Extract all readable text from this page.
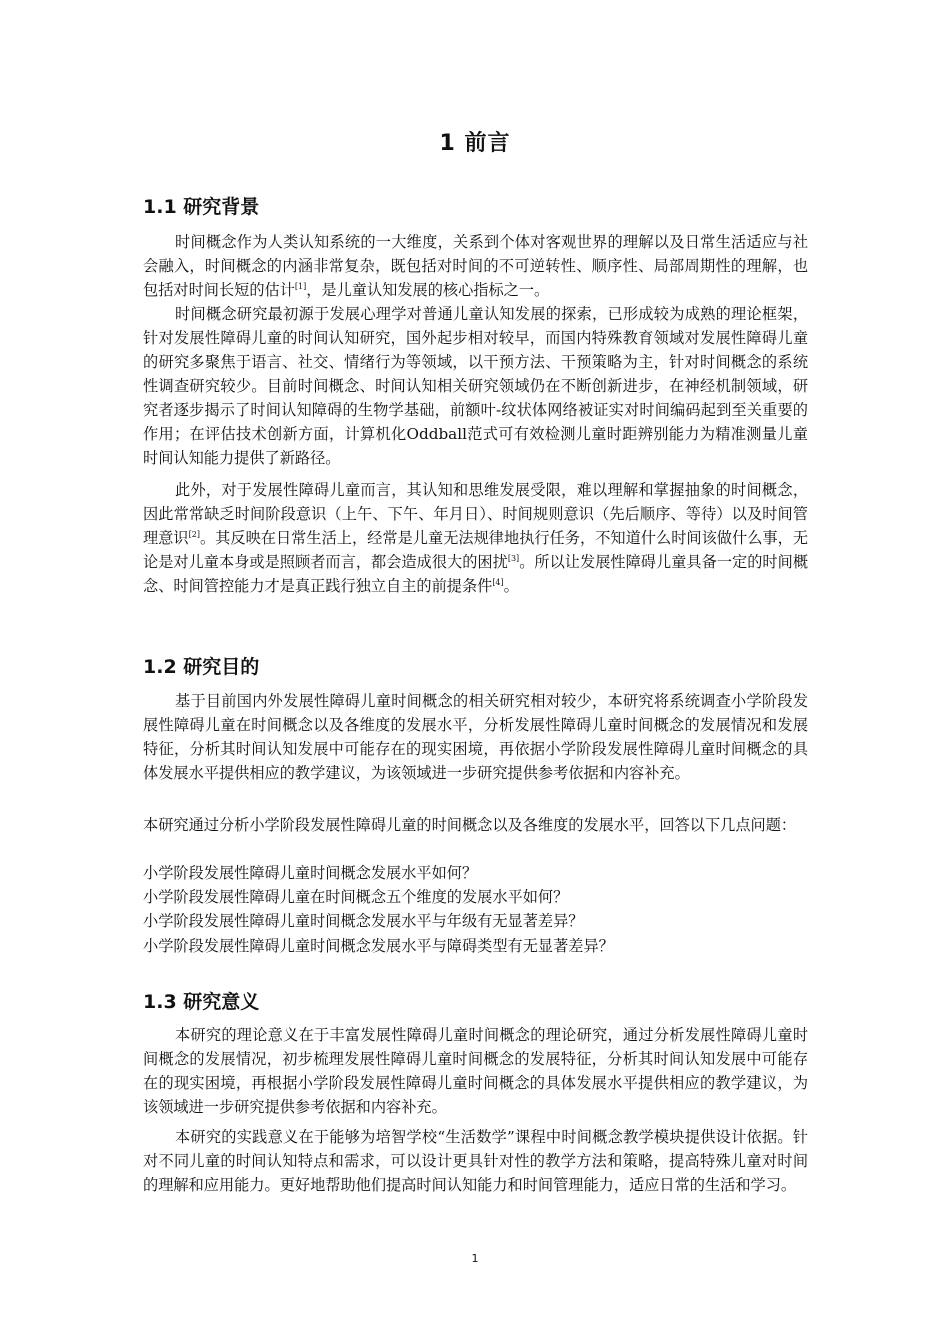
1 前言
1.1 研究背景

时间概念作为人类认知系统的一大维度，关系到个体对客观世界的理解以及日常生活适应与社会融入，时间概念的内涵非常复杂，既包括对时间的不可逆转性、顺序性、局部周期性的理解，也包括对时间长短的估计[1]，是儿童认知发展的核心指标之一。

时间概念研究最初源于发展心理学对普通儿童认知发展的探索，已形成较为成熟的理论框架，针对发展性障碍儿童的时间认知研究，国外起步相对较早，而国内特殊教育领域对发展性障碍儿童的研究多聚焦于语言、社交、情绪行为等领域，以干预方法、干预策略为主，针对时间概念的系统性调查研究较少。目前时间概念、时间认知相关研究领域仍在不断创新进步，在神经机制领域，研究者逐步揭示了时间认知障碍的生物学基础，前额叶-纹状体网络被证实对时间编码起到至关重要的作用；在评估技术创新方面，计算机化Oddball范式可有效检测儿童时距辨别能力为精准测量儿童时间认知能力提供了新路径。

此外，对于发展性障碍儿童而言，其认知和思维发展受限，难以理解和掌握抽象的时间概念，因此常常缺乏时间阶段意识（上午、下午、年月日）、时间规则意识（先后顺序、等待）以及时间管理意识[2]。其反映在日常生活上，经常是儿童无法规律地执行任务，不知道什么时间该做什么事，无论是对儿童本身或是照顾者而言，都会造成很大的困扰[3]。所以让发展性障碍儿童具备一定的时间概念、时间管控能力才是真正践行独立自主的前提条件[4]。

1.2 研究目的

基于目前国内外发展性障碍儿童时间概念的相关研究相对较少，本研究将系统调查小学阶段发展性障碍儿童在时间概念以及各维度的发展水平，分析发展性障碍儿童时间概念的发展情况和发展特征，分析其时间认知发展中可能存在的现实困境，再依据小学阶段发展性障碍儿童时间概念的具体发展水平提供相应的教学建议，为该领域进一步研究提供参考依据和内容补充。

本研究通过分析小学阶段发展性障碍儿童的时间概念以及各维度的发展水平，回答以下几点问题：

小学阶段发展性障碍儿童时间概念发展水平如何？

小学阶段发展性障碍儿童在时间概念五个维度的发展水平如何？

小学阶段发展性障碍儿童时间概念发展水平与年级有无显著差异？

小学阶段发展性障碍儿童时间概念发展水平与障碍类型有无显著差异？

1.3 研究意义

本研究的理论意义在于丰富发展性障碍儿童时间概念的理论研究，通过分析发展性障碍儿童时间概念的发展情况，初步梳理发展性障碍儿童时间概念的发展特征，分析其时间认知发展中可能存在的现实困境，再根据小学阶段发展性障碍儿童时间概念的具体发展水平提供相应的教学建议，为该领域进一步研究提供参考依据和内容补充。

本研究的实践意义在于能够为培智学校“生活数学”课程中时间概念教学模块提供设计依据。针对不同儿童的时间认知特点和需求，可以设计更具针对性的教学方法和策略，提高特殊儿童对时间的理解和应用能力。更好地帮助他们提高时间认知能力和时间管理能力，适应日常的生活和学习。

1
